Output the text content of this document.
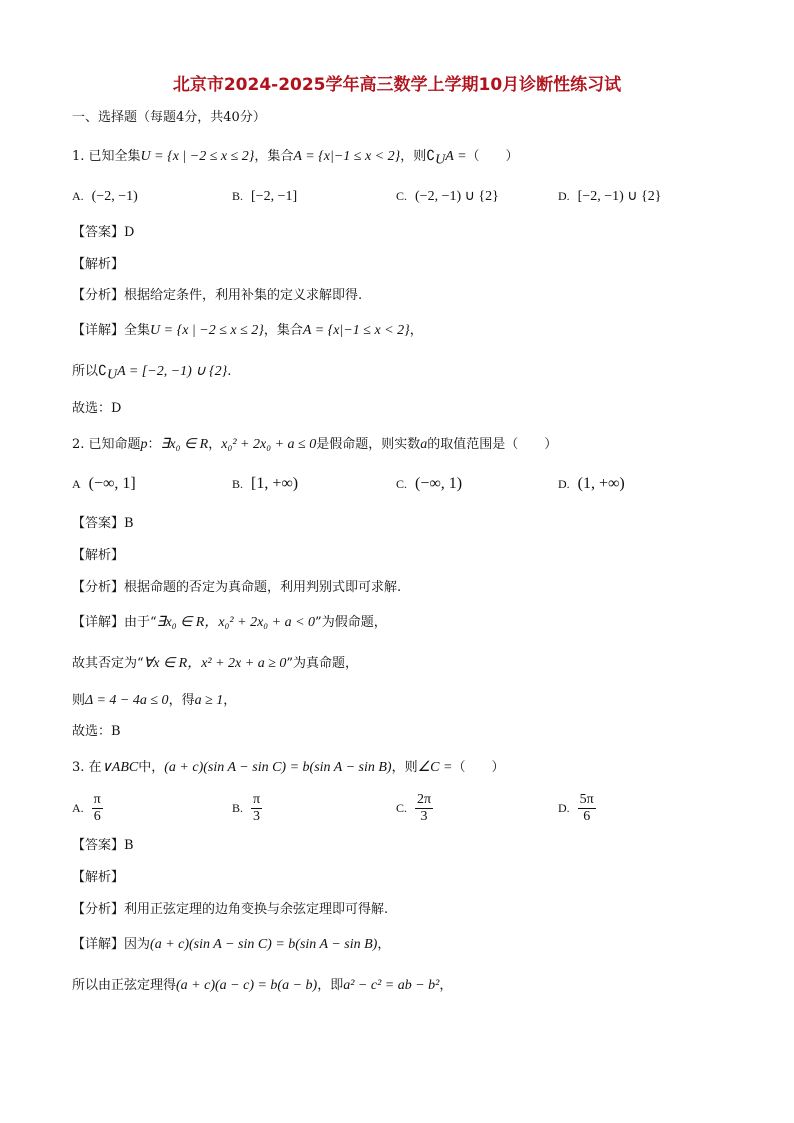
北京市2024-2025学年高三数学上学期10月诊断性练习试
一、选择题（每题4分，共40分）
1. 已知全集U = {x | −2 ≤ x ≤ 2}，集合A = {x|−1 ≤ x < 2}，则$∁_UA$ =（　　）
A. (−2, −1)	B. [−2, −1]	C. (−2, −1) ∪ {2}	D. [−2, −1) ∪ {2}
【答案】D
【解析】
【分析】根据给定条件，利用补集的定义求解即得.
【详解】全集U = {x | −2 ≤ x ≤ 2}，集合A = {x|−1 ≤ x < 2}，
所以$∁_UA = [-2$, −1) ∪ {2}.
故选：D
2. 已知命题p：∃x₀ ∈ R，x₀² + 2x₀ + a ≤ 0是假命题，则实数a的取值范围是（　　）
A (−∞, 1]	B. [1, +∞)	C. (−∞, 1)	D. (1, +∞)
【答案】B
【解析】
【分析】根据命题的否定为真命题，利用判别式即可求解.
【详解】由于“∃x₀ ∈ R，x₀² + 2x₀ + a < 0”为假命题，
故其否定为“∀x ∈ R，x² + 2x + a ≥ 0”为真命题，
则Δ = 4 − 4a ≤ 0，得a ≥ 1，
故选：B
3. 在∨ABC中，(a + c)(sin A − sin C) = b(sin A − sin B)，则∠C =（　　）
A. $\frac{\pi}{6}$	B. $\frac{\pi}{3}$	C. $\frac{2\pi}{3}$	D. $\frac{5\pi}{6}$
【答案】B
【解析】
【分析】利用正弦定理的边角变换与余弦定理即可得解.
【详解】因为(a + c)(sin A − sin C) = b(sin A − sin B)，
所以由正弦定理得(a + c)(a − c) = b(a − b)，即a² − c² = ab − b²，
